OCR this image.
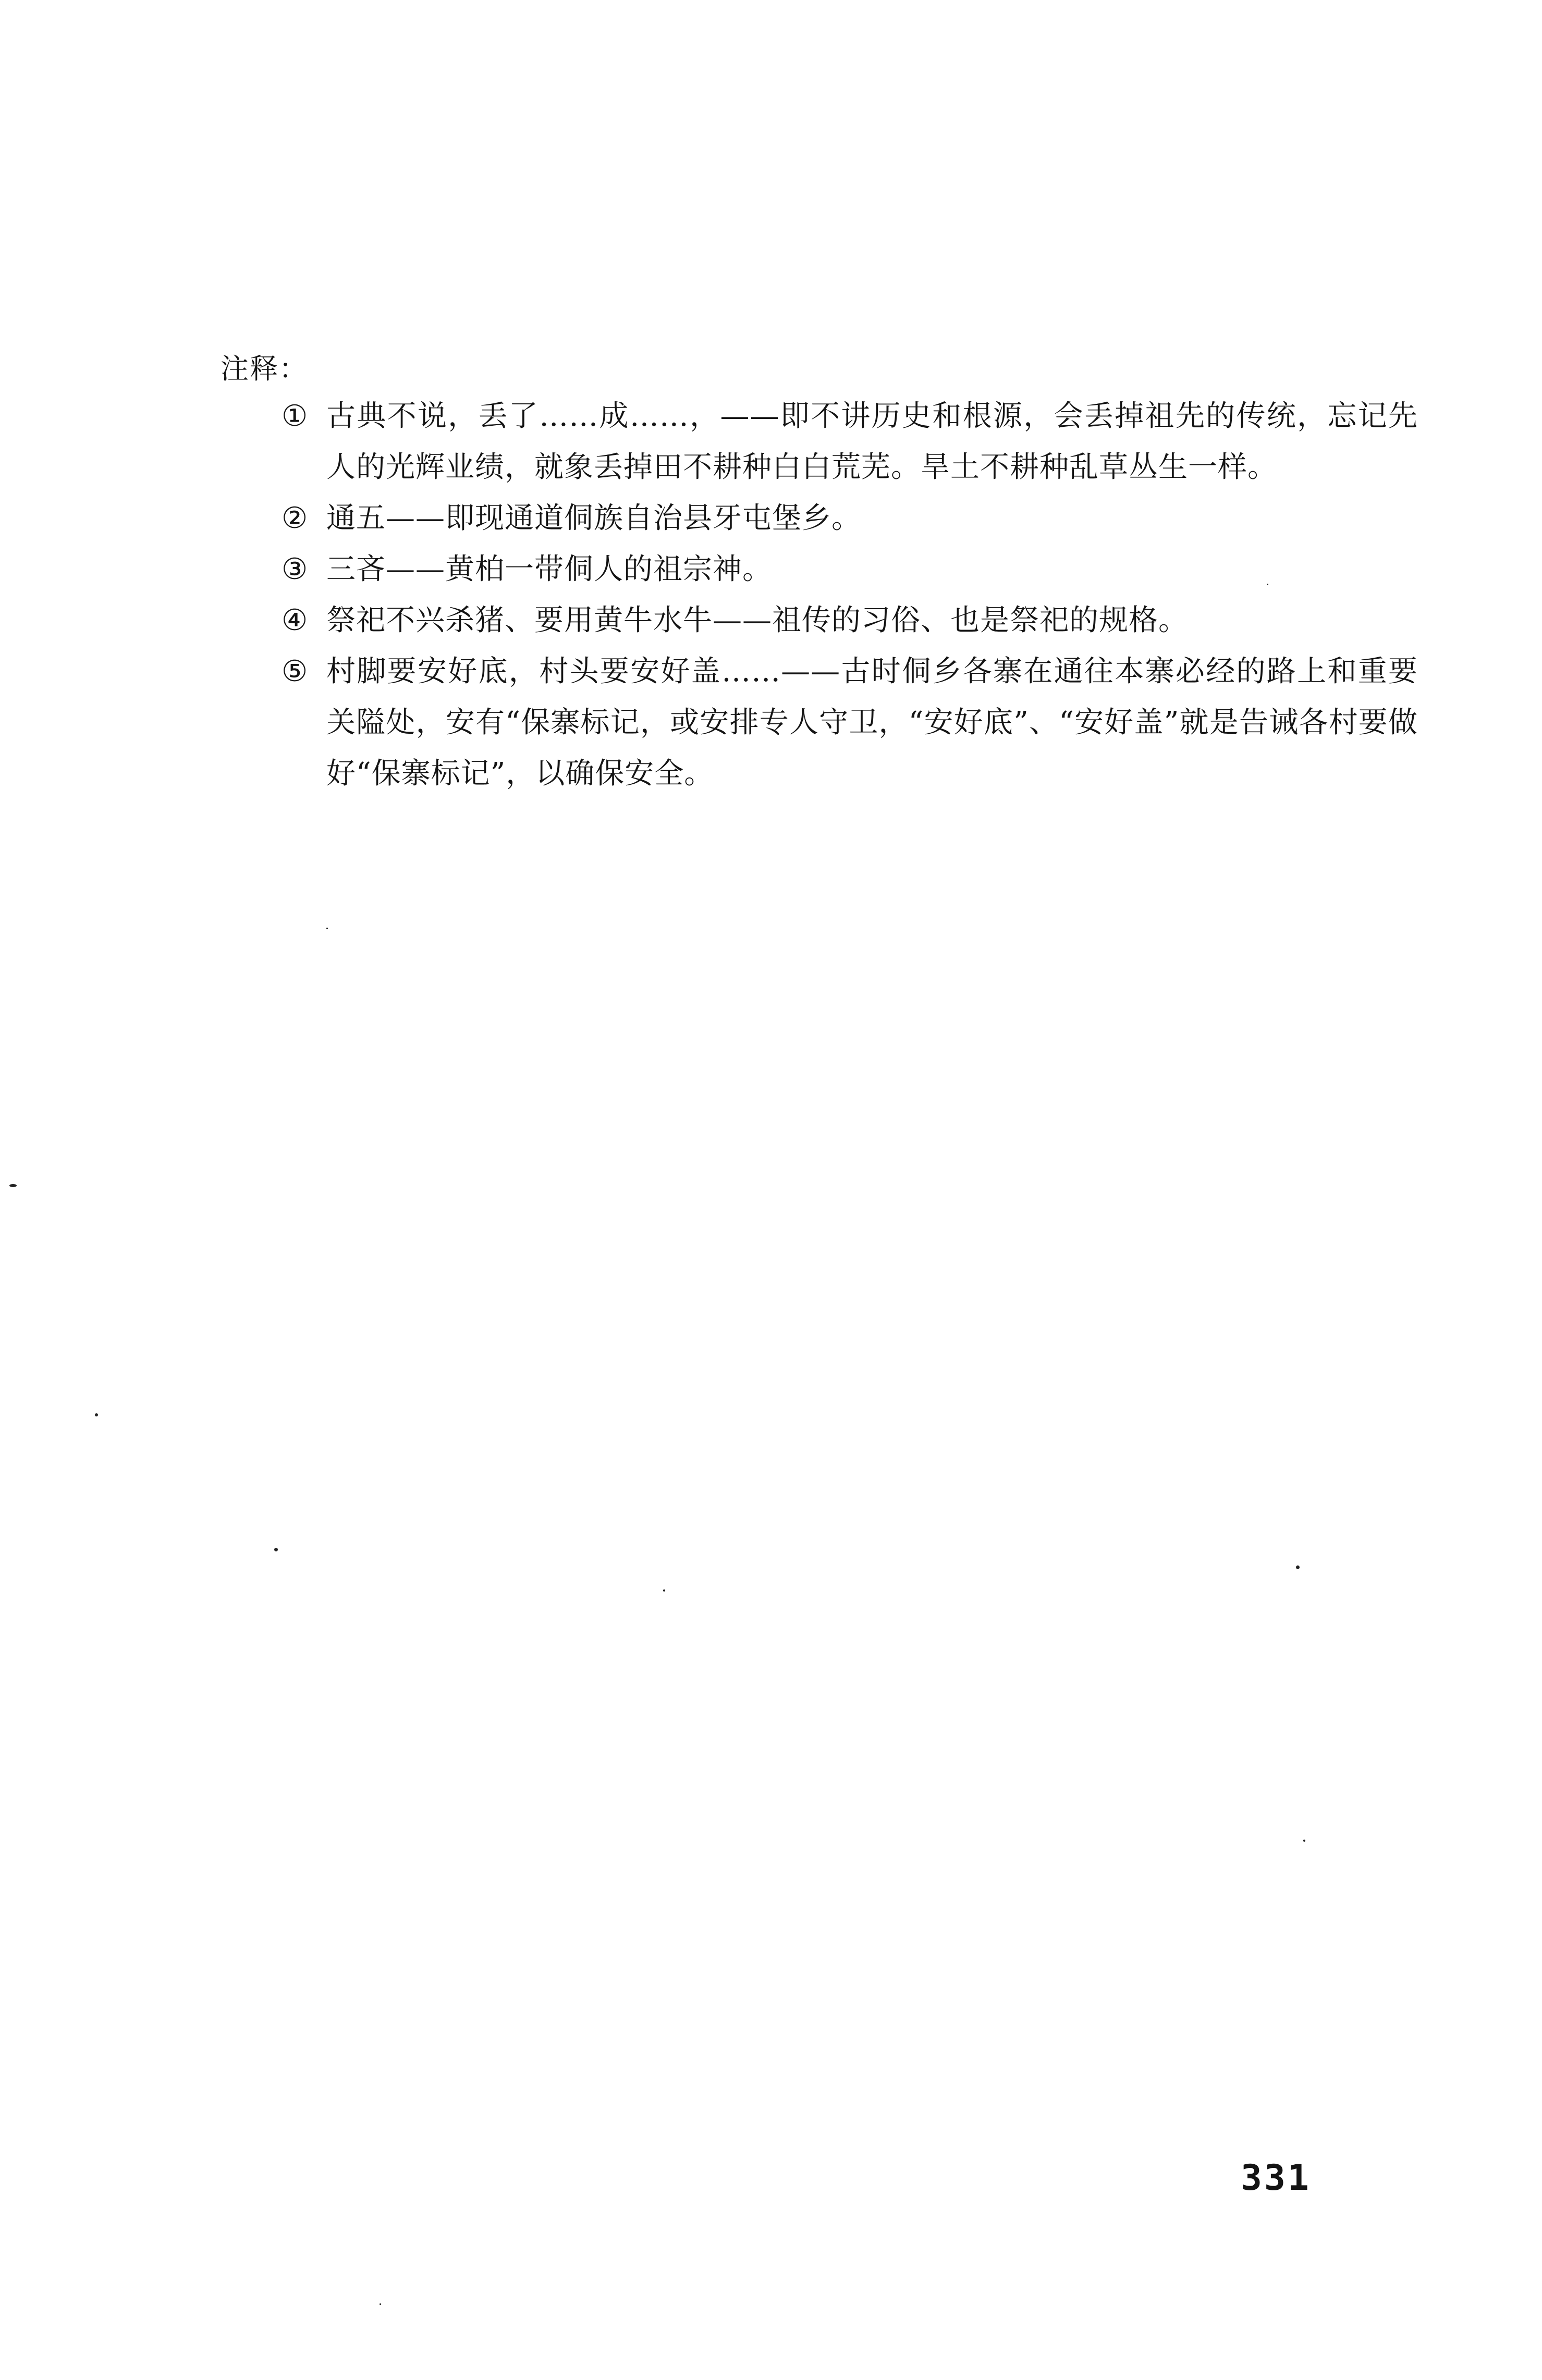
注释：
① 古典不说，丢了……成……，——即不讲历史和根源，会丢掉祖先的传统，忘记先人的光辉业绩，就象丢掉田不耕种白白荒芜。旱土不耕种乱草丛生一样。
② 通五——即现通道侗族自治县牙屯堡乡。
③ 三吝——黄柏一带侗人的祖宗神。
④ 祭祀不兴杀猪、要用黄牛水牛——祖传的习俗、也是祭祀的规格。
⑤ 村脚要安好底，村头要安好盖……——古时侗乡各寨在通往本寨必经的路上和重要关隘处，安有“保寨标记，或安排专人守卫，“安好底”、“安好盖”就是告诫各村要做好“保寨标记”，以确保安全。
331
